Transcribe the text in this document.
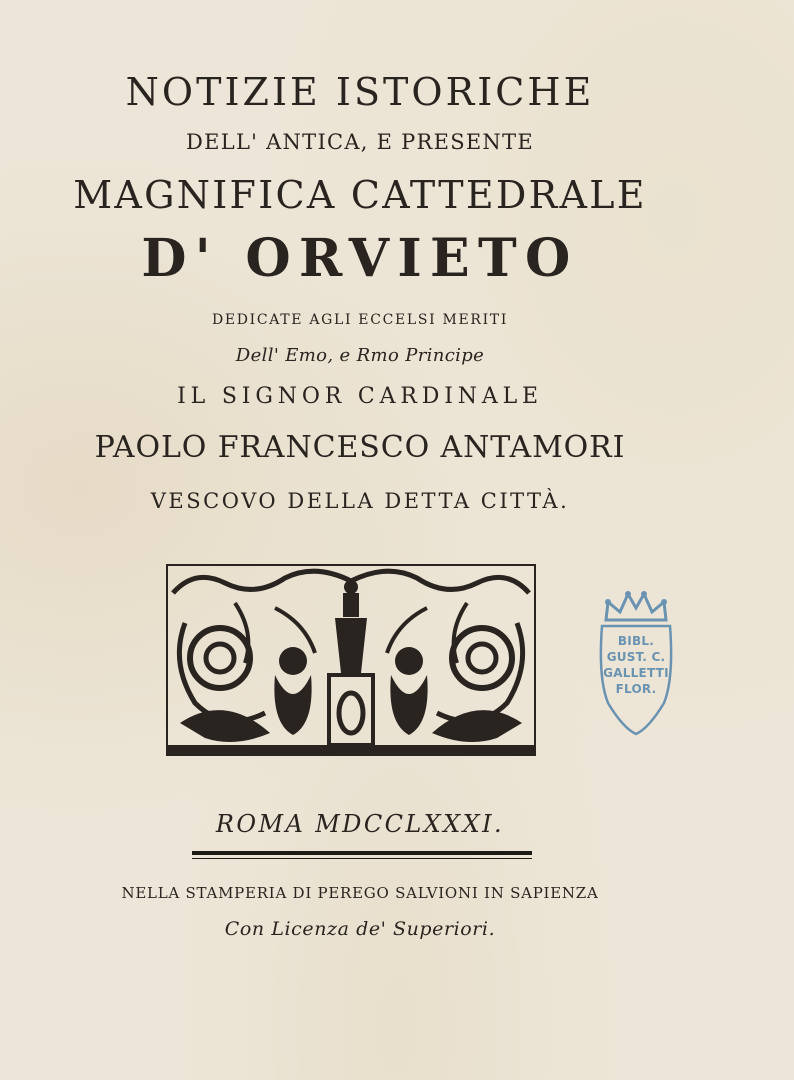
NOTIZIE ISTORICHE
DELL' ANTICA, E PRESENTE
MAGNIFICA CATTEDRALE
D' ORVIETO
DEDICATE AGLI ECCELSI MERITI
Dell' Emo, e Rmo Principe
IL SIGNOR CARDINALE
PAOLO FRANCESCO ANTAMORI
VESCOVO DELLA DETTA CITTÀ.
BIBL.
GUST. C.
GALLETTI
FLOR.
ROMA MDCCLXXXI.
NELLA STAMPERIA DI PEREGO SALVIONI IN SAPIENZA
Con Licenza de' Superiori.
